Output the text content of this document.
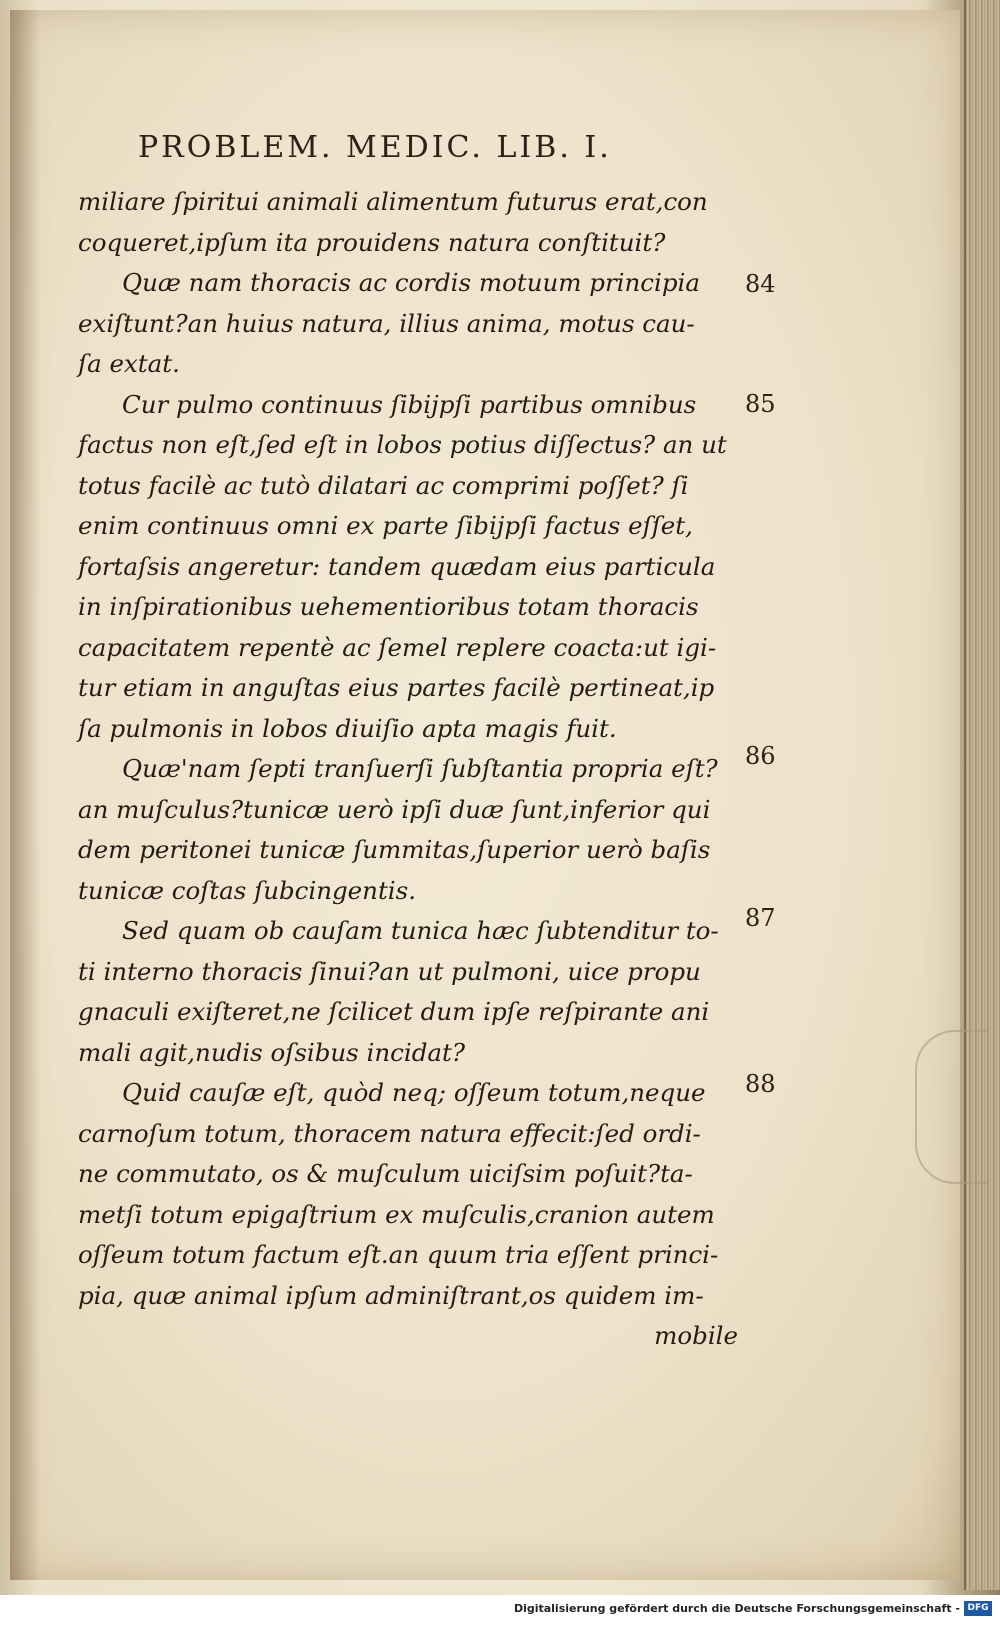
PROBLEM. MEDIC. LIB. I.
miliare ſpiritui animali alimentum futurus erat,con
coqueret,ipſum ita prouidens natura conſtituit?
Quæ nam thoracis ac cordis motuum principia
exiſtunt?an huius natura, illius anima, motus cau-
ſa extat.
Cur pulmo continuus ſibijpſi partibus omnibus
factus non eſt,ſed eſt in lobos potius diſſectus? an ut
totus facilè ac tutò dilatari ac comprimi poſſet? ſi
enim continuus omni ex parte ſibijpſi factus eſſet,
fortaſsis angeretur: tandem quædam eius particula
in inſpirationibus uehementioribus totam thoracis
capacitatem repentè ac ſemel replere coacta:ut igi-
tur etiam in anguſtas eius partes facilè pertineat,ip
ſa pulmonis in lobos diuiſio apta magis fuit.
Quæ'nam ſepti tranſuerſi ſubſtantia propria eſt?
an muſculus?tunicæ uerò ipſi duæ ſunt,inferior qui
dem peritonei tunicæ ſummitas,ſuperior uerò baſis
tunicæ coſtas ſubcingentis.
Sed quam ob cauſam tunica hæc ſubtenditur to-
ti interno thoracis ſinui?an ut pulmoni, uice propu
gnaculi exiſteret,ne ſcilicet dum ipſe reſpirante ani
mali agit,nudis oſsibus incidat?
Quid cauſæ eſt, quòd neq; oſſeum totum,neque
carnoſum totum, thoracem natura effecit:ſed ordi-
ne commutato, os & muſculum uiciſsim poſuit?ta-
metſi totum epigaſtrium ex muſculis,cranion autem
oſſeum totum factum eſt.an quum tria eſſent princi-
pia, quæ animal ipſum adminiſtrant,os quidem im-
mobile
84
85
86
87
88
Digitalisierung gefördert durch die Deutsche Forschungsgemeinschaft - DFG
